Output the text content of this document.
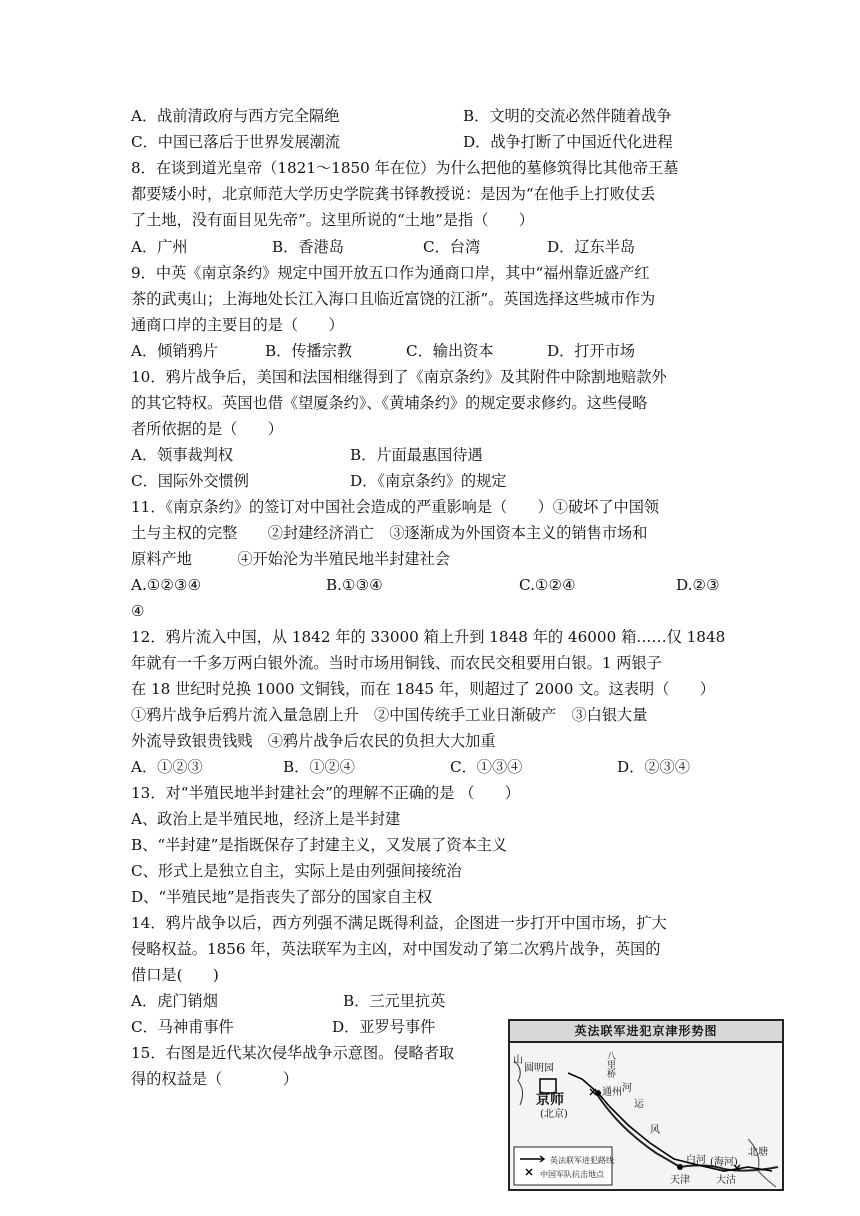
A．战前清政府与西方完全隔绝	B．文明的交流必然伴随着战争
C．中国已落后于世界发展潮流	D．战争打断了中国近代化进程
8．在谈到道光皇帝（1821～1850 年在位）为什么把他的墓修筑得比其他帝王墓
都要矮小时，北京师范大学历史学院龚书铎教授说：是因为“在他手上打败仗丢
了土地，没有面目见先帝”。这里所说的“土地”是指（　　）
A．广州	B．香港岛	C．台湾	D．辽东半岛
9．中英《南京条约》规定中国开放五口作为通商口岸，其中“福州靠近盛产红
茶的武夷山；上海地处长江入海口且临近富饶的江浙”。英国选择这些城市作为
通商口岸的主要目的是（　　）
A．倾销鸦片	B．传播宗教	C．输出资本	D．打开市场
10．鸦片战争后，美国和法国相继得到了《南京条约》及其附件中除割地赔款外
的其它特权。英国也借《望厦条约》、《黄埔条约》的规定要求修约。这些侵略
者所依据的是（　　）
A．领事裁判权	B．片面最惠国待遇
C．国际外交惯例	D．《南京条约》的规定
11．《南京条约》的签订对中国社会造成的严重影响是（　　）①破坏了中国领
土与主权的完整　　②封建经济消亡　③逐渐成为外国资本主义的销售市场和
原料产地　　　④开始沦为半殖民地半封建社会
A.①②③④	B.①③④	C.①②④	D.②③
④
12．鸦片流入中国，从 1842 年的 33000 箱上升到 1848 年的 46000 箱……仅 1848
年就有一千多万两白银外流。当时市场用铜钱、而农民交租要用白银。1 两银子
在 18 世纪时兑换 1000 文铜钱，而在 1845 年，则超过了 2000 文。这表明（　　）
①鸦片战争后鸦片流入量急剧上升　②中国传统手工业日渐破产　③白银大量
外流导致银贵钱贱　④鸦片战争后农民的负担大大加重
A．①②③	B．①②④	C．①③④	D．②③④
13．对“半殖民地半封建社会”的理解不正确的是 （　　）
A、政治上是半殖民地，经济上是半封建
B、“半封建”是指既保存了封建主义，又发展了资本主义
C、形式上是独立自主，实际上是由列强间接统治
D、“半殖民地”是指丧失了部分的国家自主权
14．鸦片战争以后，西方列强不满足既得利益，企图进一步打开中国市场，扩大
侵略权益。1856 年，英法联军为主凶，对中国发动了第二次鸦片战争，英国的
借口是(　　)
A．虎门销烟	B．三元里抗英
C．马神甫事件	D．亚罗号事件
15．右图是近代某次侵华战争示意图。侵略者取
得的权益是（　　　　）
英法联军进犯京津形势图
山
圆明园	八里桥
通州
京师
(北京)
运
河
风
天津
白河 (海河)
北塘
大沽
英法联军进犯路线
中国军队抗击地点
